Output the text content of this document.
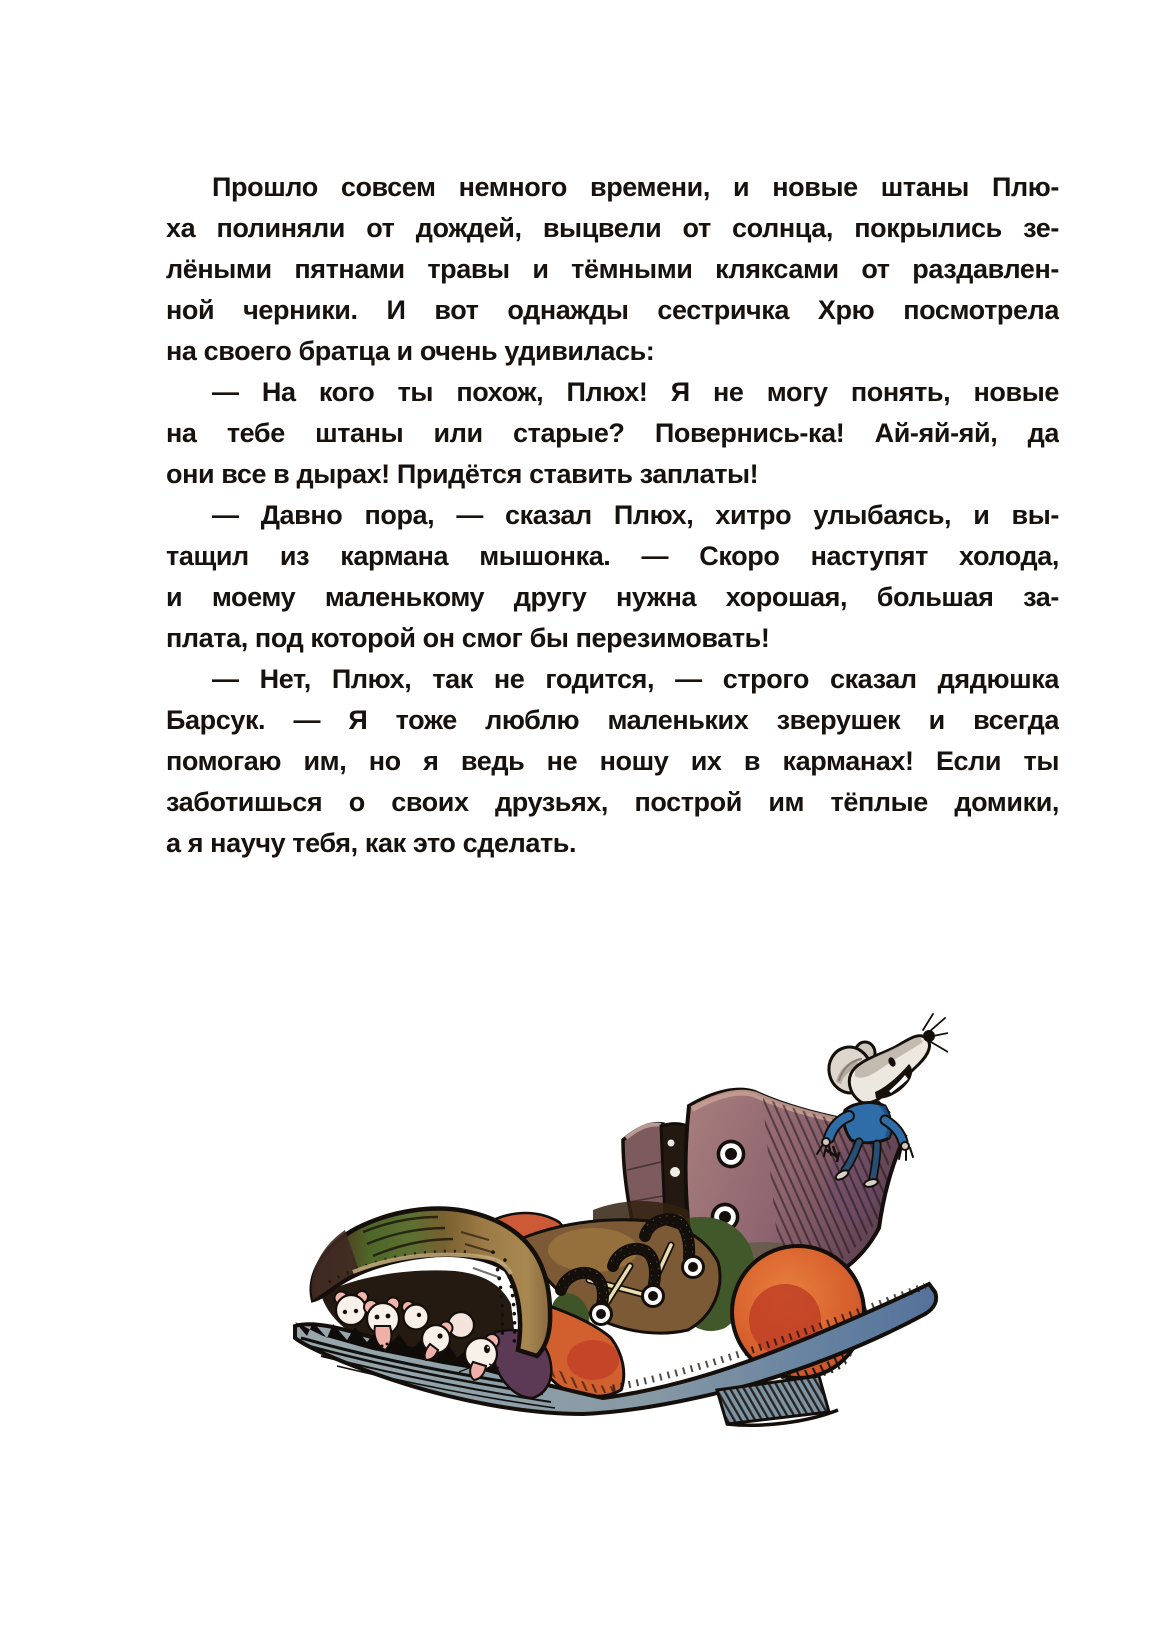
Прошло совсем немного времени, и новые штаны Плю-
ха полиняли от дождей, выцвели от солнца, покрылись зе-
лёными пятнами травы и тёмными кляксами от раздавлен-
ной черники. И вот однажды сестричка Хрю посмотрела
на своего братца и очень удивилась:
— На кого ты похож, Плюх! Я не могу понять, новые
на тебе штаны или старые? Повернись-ка! Ай-яй-яй, да
они все в дырах! Придётся ставить заплаты!
— Давно пора, — сказал Плюх, хитро улыбаясь, и вы-
тащил из кармана мышонка. — Скоро наступят холода,
и моему маленькому другу нужна хорошая, большая за-
плата, под которой он смог бы перезимовать!
— Нет, Плюх, так не годится, — строго сказал дядюшка
Барсук. — Я тоже люблю маленьких зверушек и всегда
помогаю им, но я ведь не ношу их в карманах! Если ты
заботишься о своих друзьях, построй им тёплые домики,
а я научу тебя, как это сделать.
